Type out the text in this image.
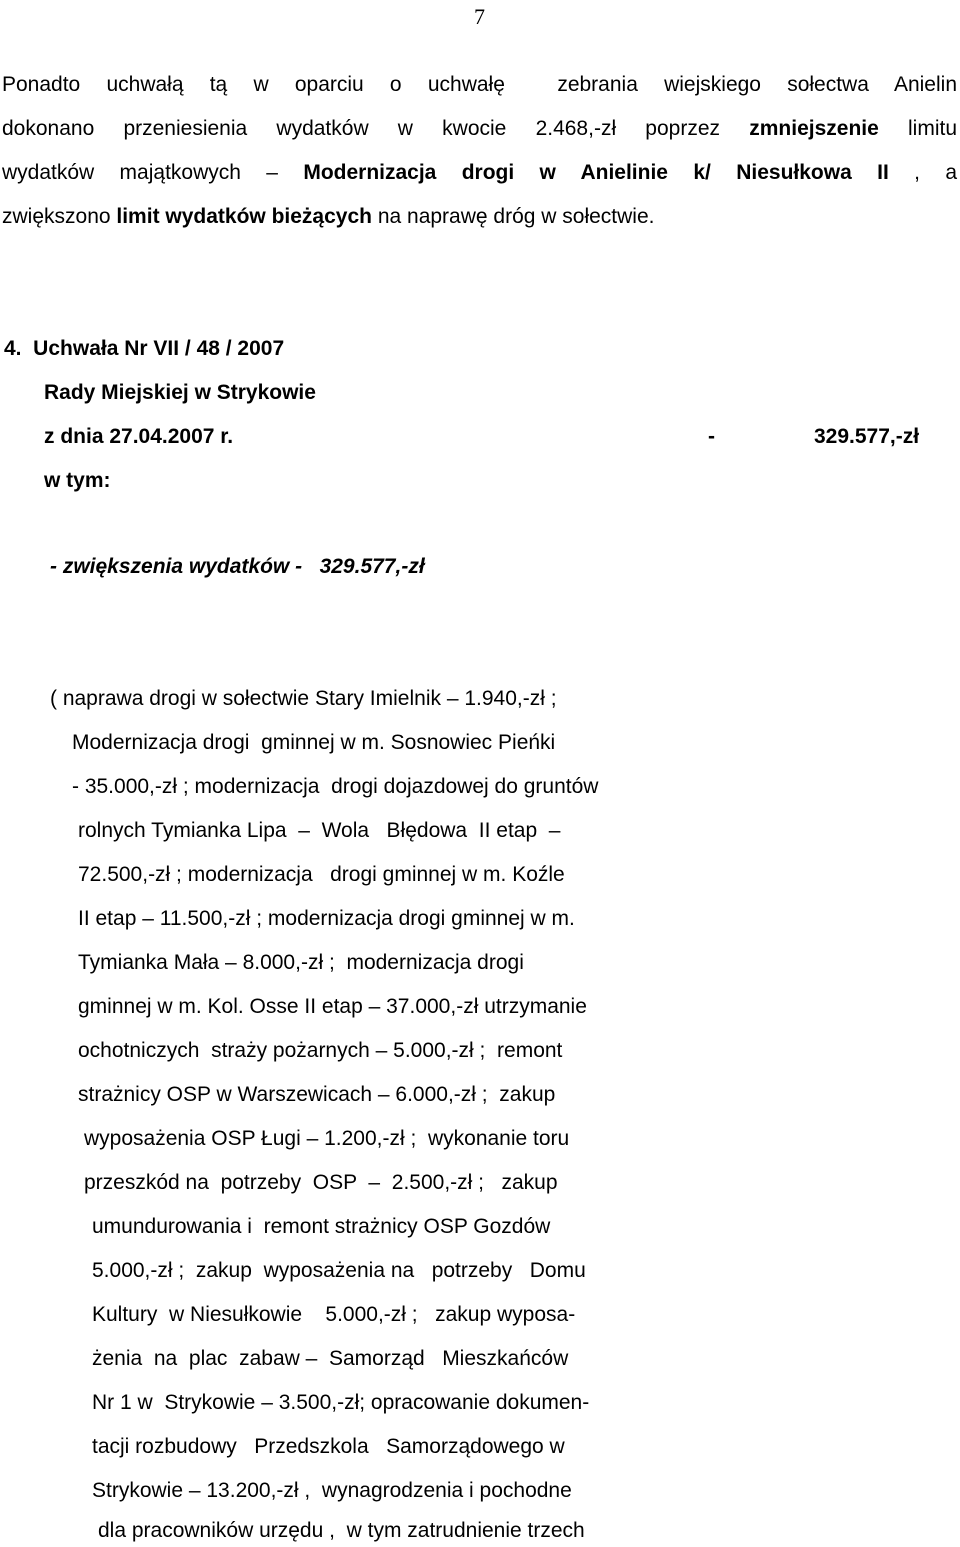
7
Ponadto uchwałą tą w oparciu o uchwałę  zebrania wiejskiego sołectwa Anielin
dokonano przeniesienia wydatków w kwocie 2.468,-zł poprzez zmniejszenie limitu
wydatków majątkowych – Modernizacja drogi w Anielinie k/ Niesułkowa II , a
zwiększono limit wydatków bieżących na naprawę dróg w sołectwie.
4.  Uchwała Nr VII / 48 / 2007
Rady Miejskiej w Strykowie
z dnia 27.04.2007 r.	-	329.577,-zł
w tym:
- zwiększenia wydatków -   329.577,-zł
( naprawa drogi w sołectwie Stary Imielnik – 1.940,-zł ;
Modernizacja drogi  gminnej w m. Sosnowiec Pieńki
- 35.000,-zł ; modernizacja  drogi dojazdowej do gruntów
rolnych Tymianka Lipa  –  Wola   Błędowa  II etap  –
72.500,-zł ; modernizacja   drogi gminnej w m. Koźle
II etap – 11.500,-zł ; modernizacja drogi gminnej w m.
Tymianka Mała – 8.000,-zł ;  modernizacja drogi
gminnej w m. Kol. Osse II etap – 37.000,-zł utrzymanie
ochotniczych  straży pożarnych – 5.000,-zł ;  remont
strażnicy OSP w Warszewicach – 6.000,-zł ;  zakup
wyposażenia OSP Ługi – 1.200,-zł ;  wykonanie toru
przeszkód na  potrzeby  OSP  –  2.500,-zł ;   zakup
umundurowania i  remont strażnicy OSP Gozdów
5.000,-zł ;  zakup  wyposażenia na   potrzeby   Domu
Kultury  w Niesułkowie    5.000,-zł ;   zakup wyposa-
żenia  na  plac  zabaw –  Samorząd   Mieszkańców
Nr 1 w  Strykowie – 3.500,-zł; opracowanie dokumen-
tacji rozbudowy   Przedszkola   Samorządowego w
Strykowie – 13.200,-zł ,  wynagrodzenia i pochodne
dla pracowników urzędu ,  w tym zatrudnienie trzech
